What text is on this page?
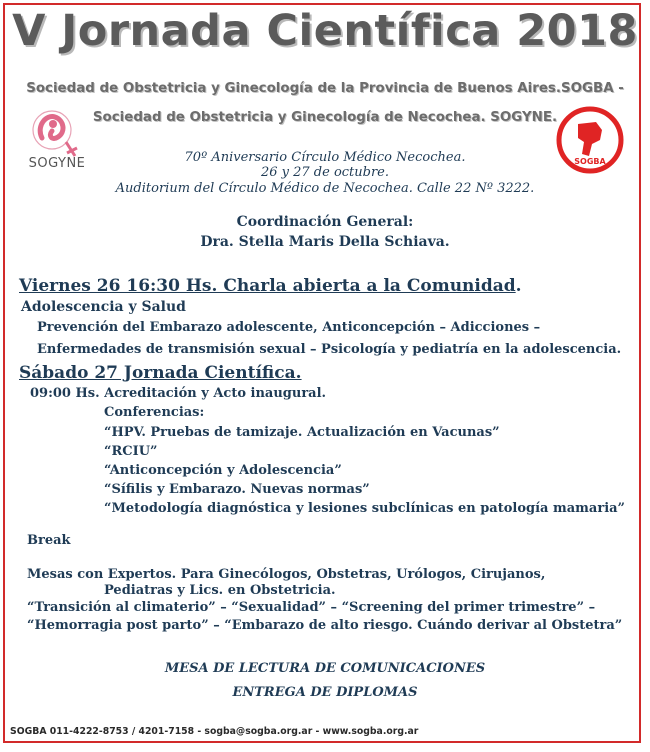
V Jornada Científica 2018
Sociedad de Obstetricia y Ginecología de la Provincia de Buenos Aires.SOGBA -
Sociedad de Obstetricia y Ginecología de Necochea. SOGYNE.
SOGYNE	SOGBA
70º Aniversario Círculo Médico Necochea.
26 y 27 de octubre.
Auditorium del Círculo Médico de Necochea. Calle 22 Nº 3222.
Coordinación General:
Dra. Stella Maris Della Schiava.
Viernes 26 16:30 Hs. Charla abierta a la Comunidad.
Adolescencia y Salud
Prevención del Embarazo adolescente, Anticoncepción – Adicciones –
Enfermedades de transmisión sexual – Psicología y pediatría en la adolescencia.
Sábado 27 Jornada Científica.
09:00 Hs. Acreditación y Acto inaugural.
Conferencias:
“HPV. Pruebas de tamizaje. Actualización en Vacunas”
“RCIU”
“Anticoncepción y Adolescencia”
“Sífilis y Embarazo. Nuevas normas”
“Metodología diagnóstica y lesiones subclínicas en patología mamaria”
Break
Mesas con Expertos. Para Ginecólogos, Obstetras, Urólogos, Cirujanos,
Pediatras y Lics. en Obstetricia.
“Transición al climaterio” – “Sexualidad” – “Screening del primer trimestre” –
“Hemorragia post parto” – “Embarazo de alto riesgo. Cuándo derivar al Obstetra”
MESA DE LECTURA DE COMUNICACIONES
ENTREGA DE DIPLOMAS
SOGBA 011-4222-8753 / 4201-7158 - sogba@sogba.org.ar - www.sogba.org.ar
